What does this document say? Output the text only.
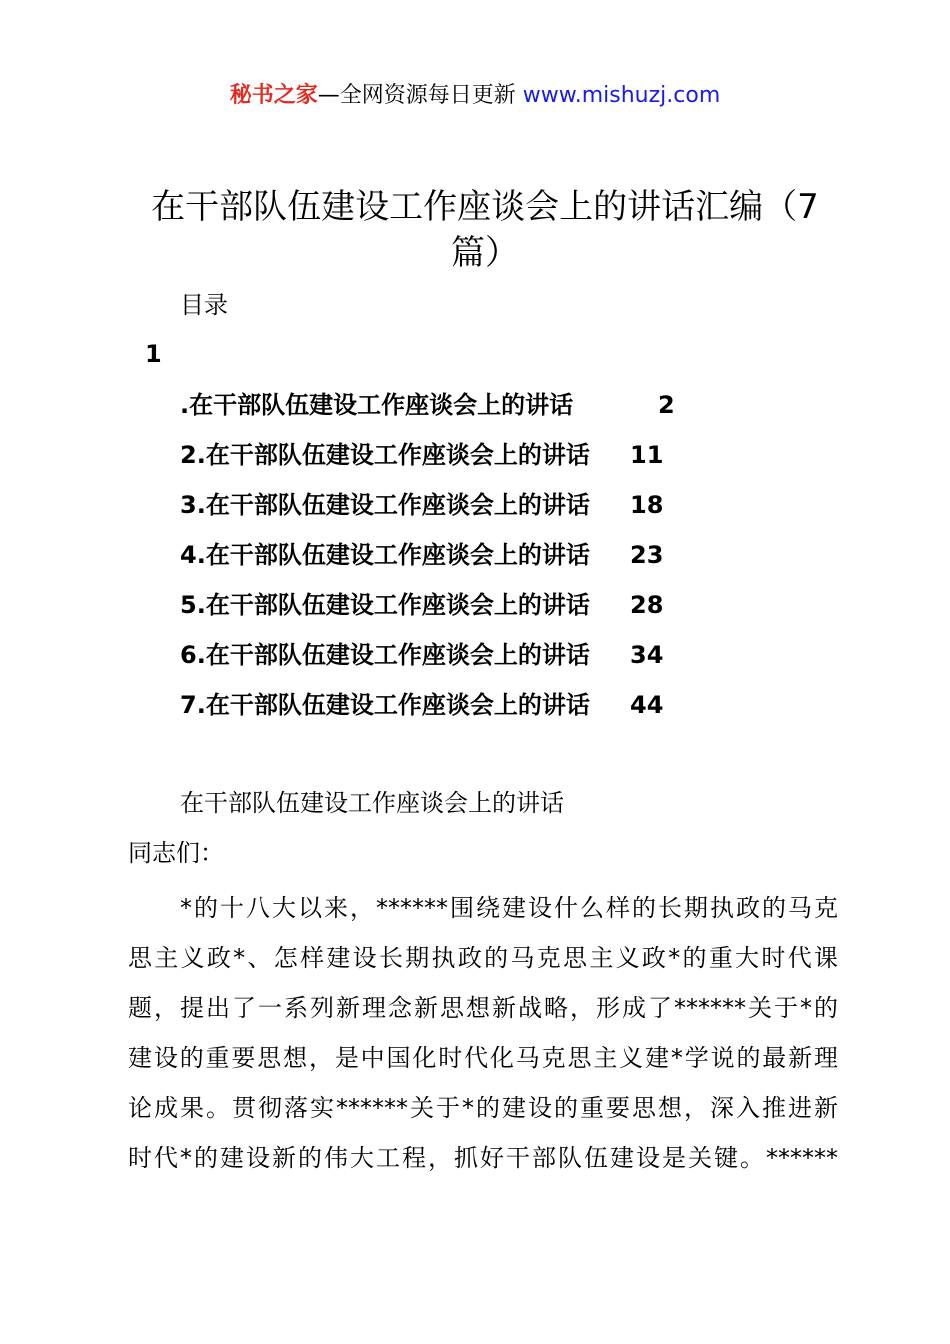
秘书之家—全网资源每日更新 www.mishuzj.com
在干部队伍建设工作座谈会上的讲话汇编（7
篇）
目录
1
.在干部队伍建设工作座谈会上的讲话	2
2.在干部队伍建设工作座谈会上的讲话 11
3.在干部队伍建设工作座谈会上的讲话 18
4.在干部队伍建设工作座谈会上的讲话 23
5.在干部队伍建设工作座谈会上的讲话 28
6.在干部队伍建设工作座谈会上的讲话 34
7.在干部队伍建设工作座谈会上的讲话 44
在干部队伍建设工作座谈会上的讲话
同志们：
*的十八大以来，******围绕建设什么样的长期执政的马克
思主义政*、怎样建设长期执政的马克思主义政*的重大时代课
题，提出了一系列新理念新思想新战略，形成了******关于*的
建设的重要思想，是中国化时代化马克思主义建*学说的最新理
论成果。贯彻落实******关于*的建设的重要思想，深入推进新
时代*的建设新的伟大工程，抓好干部队伍建设是关键。******
